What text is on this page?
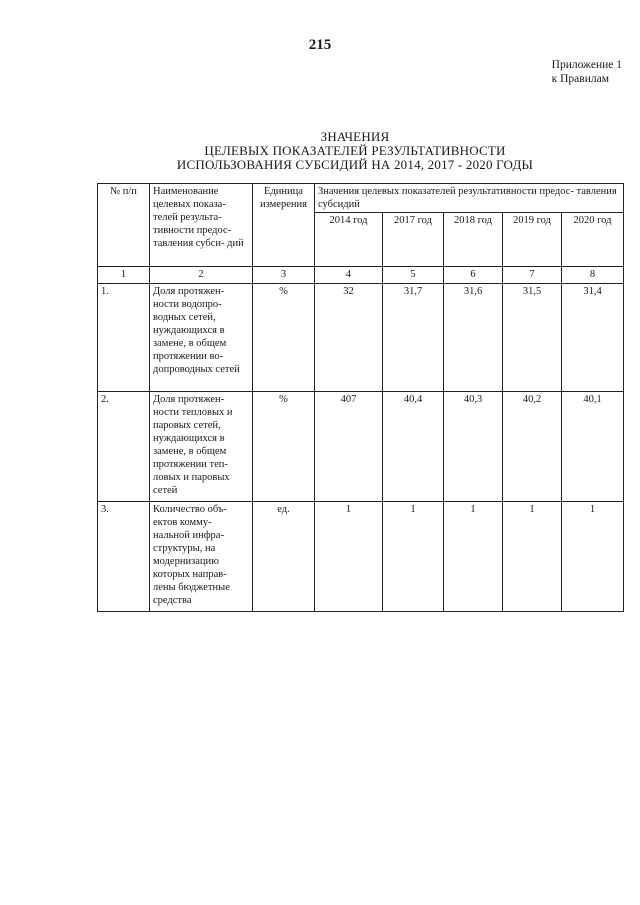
215
Приложение 1
к Правилам
ЗНАЧЕНИЯ
ЦЕЛЕВЫХ ПОКАЗАТЕЛЕЙ РЕЗУЛЬТАТИВНОСТИ
ИСПОЛЬЗОВАНИЯ СУБСИДИЙ НА 2014, 2017 - 2020 ГОДЫ
№ п/п	Наименование целевых показа- телей результа- тивности предос- тавления субси- дий	Единица измерения	Значения целевых показателей результативности предос- тавления субсидий				
			2014 год	2017 год	2018 год	2019 год	2020 год
1	2	3	4	5	6	7	8
1.	Доля протяжен- ности водопро- водных сетей, нуждающихся в замене, в общем протяжении во- допроводных сетей	%	32	31,7	31,6	31,5	31,4
2.	Доля протяжен- ности тепловых и паровых сетей, нуждающихся в замене, в общем протяжении теп- ловых и паровых сетей	%	407	40,4	40,3	40,2	40,1
3.	Количество объ- ектов комму- нальной инфра- структуры, на модернизацию которых направ- лены бюджетные средства	ед.	1	1	1	1	1
